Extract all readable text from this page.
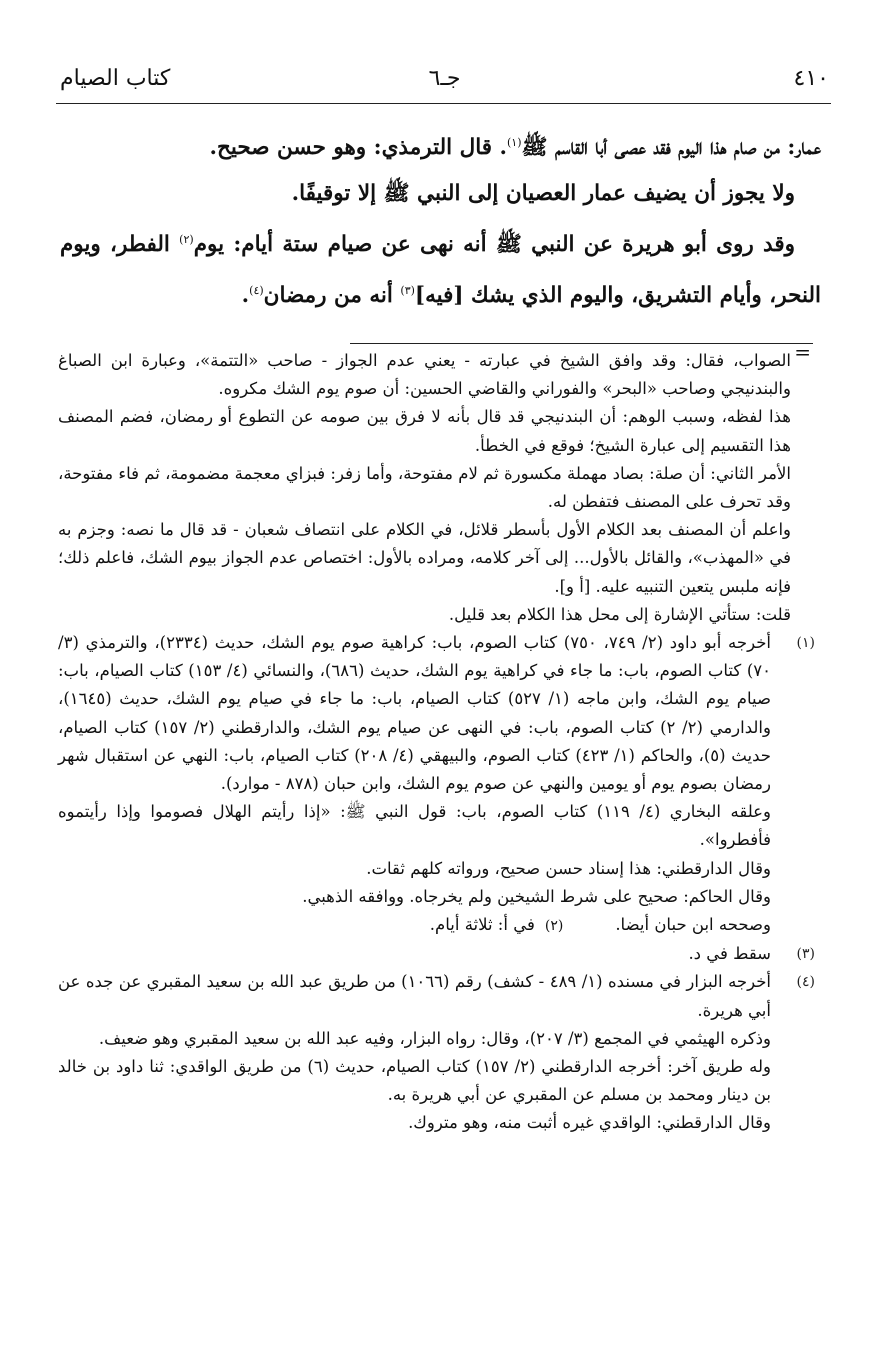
٤١٠
جـ٦
كتاب الصيام

عمار: من صام هذا اليوم فقد عصى أبا القاسم ﷺ$^{(١)}$. قال الترمذي: وهو حسن صحيح.

ولا يجوز أن يضيف عمار العصيان إلى النبي ﷺ إلا توقيفًا.

وقد روى أبو هريرة عن النبي ﷺ أنه نهى عن صيام ستة أيام: يوم$^{(٢)}$ الفطر، ويوم النحر، وأيام التشريق، واليوم الذي يشك [فيه]$^{(٣)}$ أنه من رمضان$^{(٤)}$.

=

الصواب، فقال: وقد وافق الشيخ في عبارته - يعني عدم الجواز - صاحب «التتمة»، وعبارة ابن الصباغ والبندنيجي وصاحب «البحر» والفوراني والقاضي الحسين: أن صوم يوم الشك مكروه.

هذا لفظه، وسبب الوهم: أن البندنيجي قد قال بأنه لا فرق بين صومه عن التطوع أو رمضان، فضم المصنف هذا التقسيم إلى عبارة الشيخ؛ فوقع في الخطأ.

الأمر الثاني: أن صلة: بصاد مهملة مكسورة ثم لام مفتوحة، وأما زفر: فبزاي معجمة مضمومة، ثم فاء مفتوحة، وقد تحرف على المصنف فتفطن له.

واعلم أن المصنف بعد الكلام الأول بأسطر قلائل، في الكلام على انتصاف شعبان - قد قال ما نصه: وجزم به في «المهذب»، والقائل بالأول... إلى آخر كلامه، ومراده بالأول: اختصاص عدم الجواز بيوم الشك، فاعلم ذلك؛ فإنه ملبس يتعين التنبيه عليه. [أ و].

قلت: ستأتي الإشارة إلى محل هذا الكلام بعد قليل.

(١)

أخرجه أبو داود (٢/ ٧٤٩، ٧٥٠) كتاب الصوم، باب: كراهية صوم يوم الشك، حديث (٢٣٣٤)، والترمذي (٣/ ٧٠) كتاب الصوم، باب: ما جاء في كراهية يوم الشك، حديث (٦٨٦)، والنسائي (٤/ ١٥٣) كتاب الصيام، باب: صيام يوم الشك، وابن ماجه (١/ ٥٢٧) كتاب الصيام، باب: ما جاء في صيام يوم الشك، حديث (١٦٤٥)، والدارمي (٢/ ٢) كتاب الصوم، باب: في النهى عن صيام يوم الشك، والدارقطني (٢/ ١٥٧) كتاب الصيام، حديث (٥)، والحاكم (١/ ٤٢٣) كتاب الصوم، والبيهقي (٤/ ٢٠٨) كتاب الصيام، باب: النهي عن استقبال شهر رمضان بصوم يوم أو يومين والنهي عن صوم يوم الشك، وابن حبان (٨٧٨ - موارد).

وعلقه البخاري (٤/ ١١٩) كتاب الصوم، باب: قول النبي ﷺ: «إذا رأيتم الهلال فصوموا وإذا رأيتموه فأفطروا».

وقال الدارقطني: هذا إسناد حسن صحيح، ورواته كلهم ثقات.

وقال الحاكم: صحيح على شرط الشيخين ولم يخرجاه. ووافقه الذهبي.

وصححه ابن حبان أيضا.(٢)في أ: ثلاثة أيام.

(٣)

سقط في د.

(٤)

أخرجه البزار في مسنده (١/ ٤٨٩ - كشف) رقم (١٠٦٦) من طريق عبد الله بن سعيد المقبري عن جده عن أبي هريرة.

وذكره الهيثمي في المجمع (٣/ ٢٠٧)، وقال: رواه البزار، وفيه عبد الله بن سعيد المقبري وهو ضعيف.

وله طريق آخر: أخرجه الدارقطني (٢/ ١٥٧) كتاب الصيام، حديث (٦) من طريق الواقدي: ثنا داود بن خالد بن دينار ومحمد بن مسلم عن المقبري عن أبي هريرة به.

وقال الدارقطني: الواقدي غيره أثبت منه، وهو متروك.
